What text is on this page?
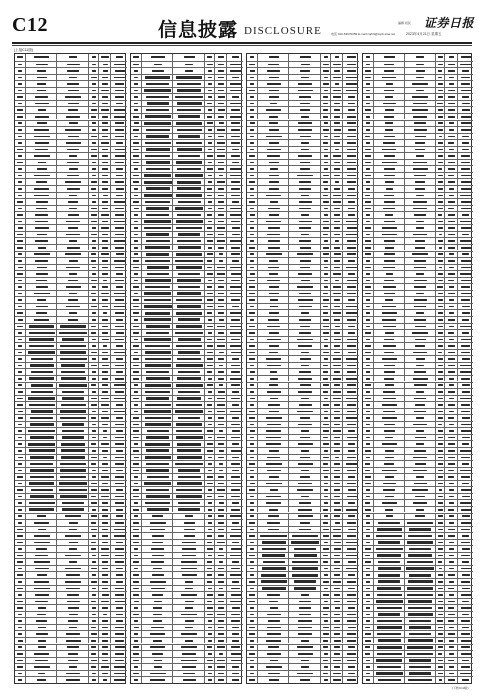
C12	信息披露 DISCLOSURE
编辑 祝民
电话 010-63070359 E-mail:zqrb9@zqrb.sina.net
证券日报
2023年4月21日 星期五
(上接C11版)
(下转C13版)
